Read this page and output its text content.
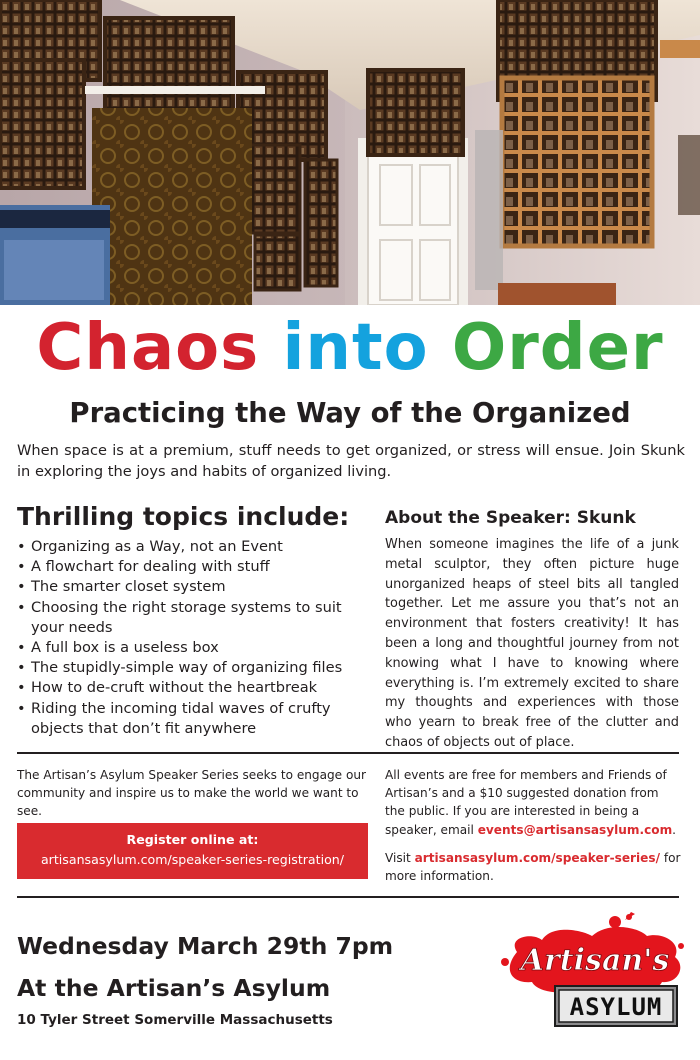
Chaos into Order
Practicing the Way of the Organized
When space is at a premium, stuff needs to get organized, or stress will ensue. Join Skunk in exploring the joys and habits of organized living.
Thrilling topics include:
• Organizing as a Way, not an Event
• A flowchart for dealing with stuff
• The smarter closet system
• Choosing the right storage systems to suit your needs
• A full box is a useless box
• The stupidly-simple way of organizing files
• How to de-cruft without the heartbreak
• Riding the incoming tidal waves of crufty objects that don’t fit anywhere
About the Speaker: Skunk
When someone imagines the life of a junk metal sculptor, they often picture huge unorganized heaps of steel bits all tangled together. Let me assure you that’s not an environment that fosters creativity! It has been a long and thoughtful journey from not knowing what I have to knowing where everything is. I’m extremely excited to share my thoughts and experiences with those who yearn to break free of the clutter and chaos of objects out of place.
The Artisan’s Asylum Speaker Series seeks to engage our community and inspire us to make the world we want to see.
Register online at:
artisansasylum.com/speaker-series-registration/
All events are free for members and Friends of Artisan’s and a $10 suggested donation from the public. If you are interested in being a speaker, email events@artisansasylum.com.
Visit artisansasylum.com/speaker-series/ for more information.
Wednesday March 29th 7pm
At the Artisan’s Asylum
10 Tyler Street Somerville Massachusetts
Artisan's
ASYLUM
